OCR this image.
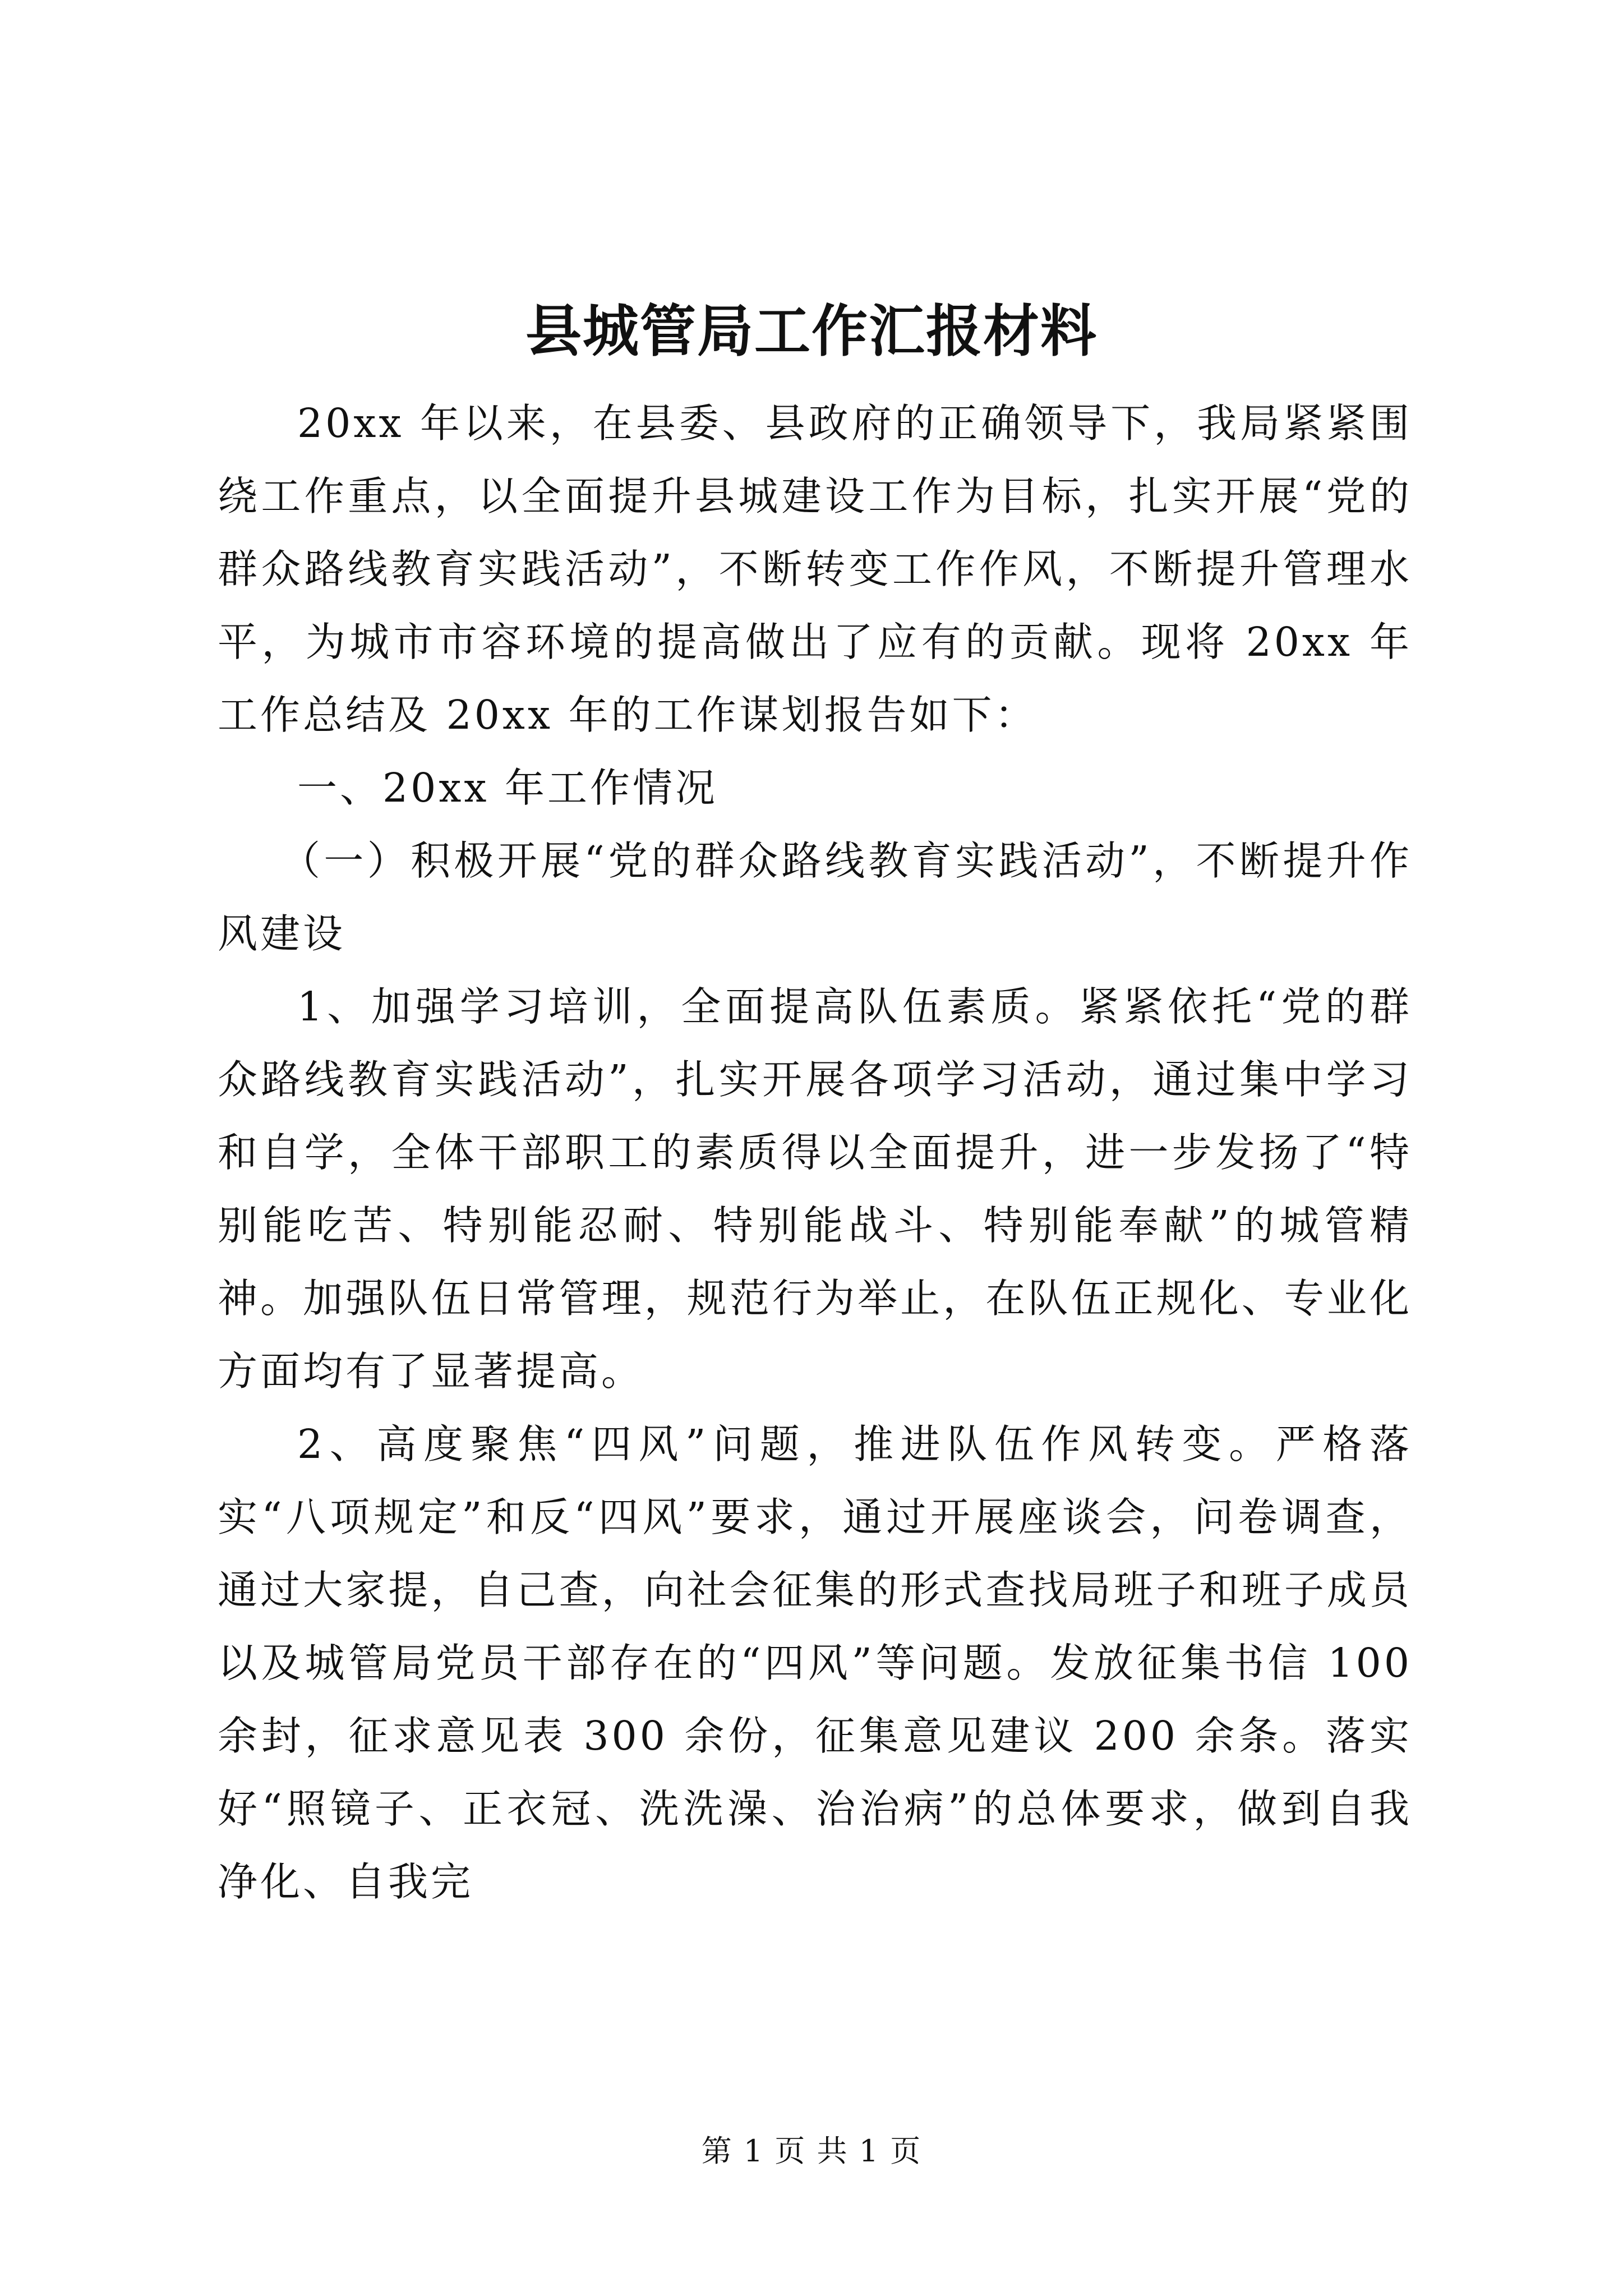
县城管局工作汇报材料

20xx 年以来，在县委、县政府的正确领导下，我局紧紧围绕工作重点，以全面提升县城建设工作为目标，扎实开展“党的群众路线教育实践活动”，不断转变工作作风，不断提升管理水平，为城市市容环境的提高做出了应有的贡献。现将 20xx 年工作总结及 20xx 年的工作谋划报告如下：

一、20xx 年工作情况

（一）积极开展“党的群众路线教育实践活动”，不断提升作风建设

1、加强学习培训，全面提高队伍素质。紧紧依托“党的群众路线教育实践活动”，扎实开展各项学习活动，通过集中学习和自学，全体干部职工的素质得以全面提升，进一步发扬了“特别能吃苦、特别能忍耐、特别能战斗、特别能奉献”的城管精神。加强队伍日常管理，规范行为举止，在队伍正规化、专业化方面均有了显著提高。

2、高度聚焦“四风”问题，推进队伍作风转变。严格落实“八项规定”和反“四风”要求，通过开展座谈会，问卷调查，通过大家提，自己查，向社会征集的形式查找局班子和班子成员以及城管局党员干部存在的“四风”等问题。发放征集书信 100 余封，征求意见表 300 余份，征集意见建议 200 余条。落实好“照镜子、正衣冠、洗洗澡、治治病”的总体要求，做到自我净化、自我完

第 1 页 共 1 页
